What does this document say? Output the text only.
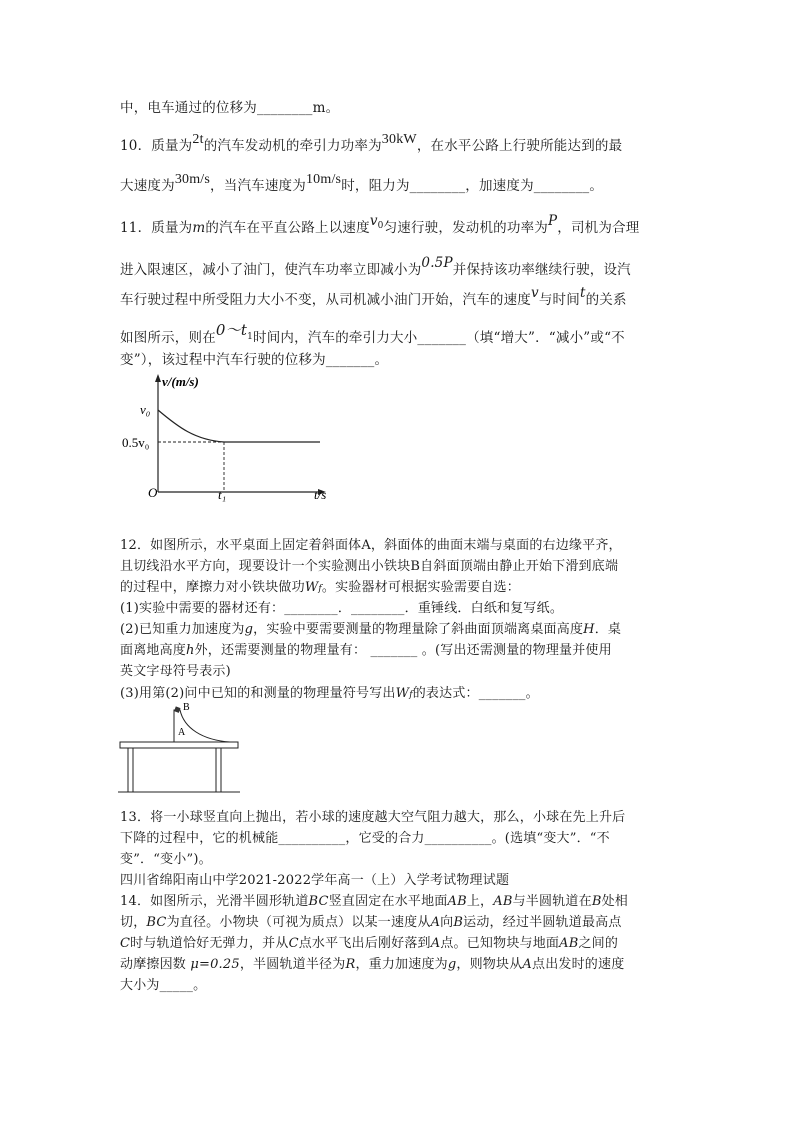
中，电车通过的位移为________m。
10．质量为2t的汽车发动机的牵引力功率为30kW，在水平公路上行驶所能达到的最
大速度为30m/s，当汽车速度为10m/s时，阻力为________，加速度为________。
11．质量为m的汽车在平直公路上以速度$v^0$匀速行驶，发动机的功率为P，司机为合理
进入限速区，减小了油门，使汽车功率立即减小为0.5P并保持该功率继续行驶，设汽
车行驶过程中所受阻力大小不变，从司机减小油门开始，汽车的速度v与时间t的关系
如图所示，则在$0\sim t^1$时间内，汽车的牵引力大小_______（填“增大”．“减小”或“不
变”），该过程中汽车行驶的位移为_______。
v/(m/s)
v₀
0.5v₀
O	t₁	t/s
12．如图所示，水平桌面上固定着斜面体A，斜面体的曲面末端与桌面的右边缘平齐，
且切线沿水平方向，现要设计一个实验测出小铁块B自斜面顶端由静止开始下滑到底端
的过程中，摩擦力对小铁块做功Wf。实验器材可根据实验需要自选：
(1)实验中需要的器材还有：________．________．重锤线．白纸和复写纸。
(2)已知重力加速度为g，实验中要需要测量的物理量除了斜曲面顶端离桌面高度H．桌
面离地高度h外，还需要测量的物理量有： _______ 。(写出还需测量的物理量并使用
英文字母符号表示)
(3)用第(2)问中已知的和测量的物理量符号写出Wf的表达式：_______。
B
A
13．将一小球竖直向上抛出，若小球的速度越大空气阻力越大，那么，小球在先上升后
下降的过程中，它的机械能__________，它受的合力__________。(选填“变大”．“不
变”．“变小”)。
四川省绵阳南山中学2021-2022学年高一（上）入学考试物理试题
14．如图所示，光滑半圆形轨道BC竖直固定在水平地面AB上，AB与半圆轨道在B处相
切，BC为直径。小物块（可视为质点）以某一速度从A向B运动，经过半圆轨道最高点
C时与轨道恰好无弹力，并从C点水平飞出后刚好落到A点。已知物块与地面AB之间的
动摩擦因数 μ=0.25，半圆轨道半径为R，重力加速度为g，则物块从A点出发时的速度
大小为_____。
